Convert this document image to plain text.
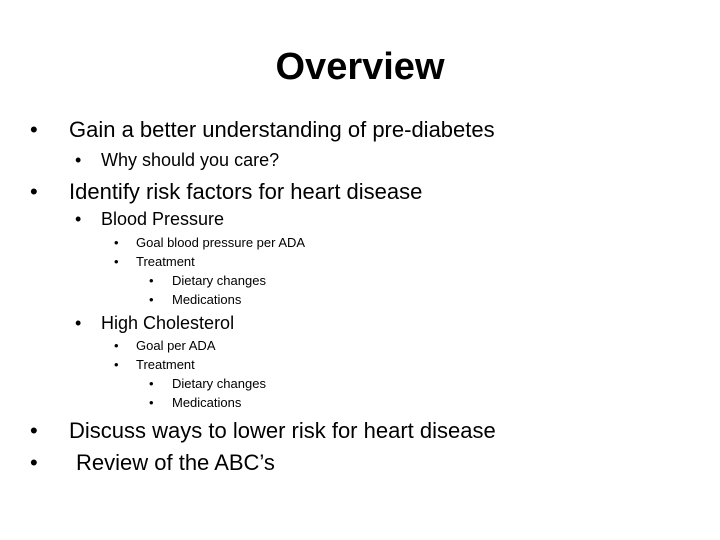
Overview
• Gain a better understanding of pre-diabetes
• Why should you care?
• Identify risk factors for heart disease
• Blood Pressure
• Goal blood pressure per ADA
• Treatment
• Dietary changes
• Medications
• High Cholesterol
• Goal per ADA
• Treatment
• Dietary changes
• Medications
• Discuss ways to lower risk for heart disease
• Review of the ABC’s
